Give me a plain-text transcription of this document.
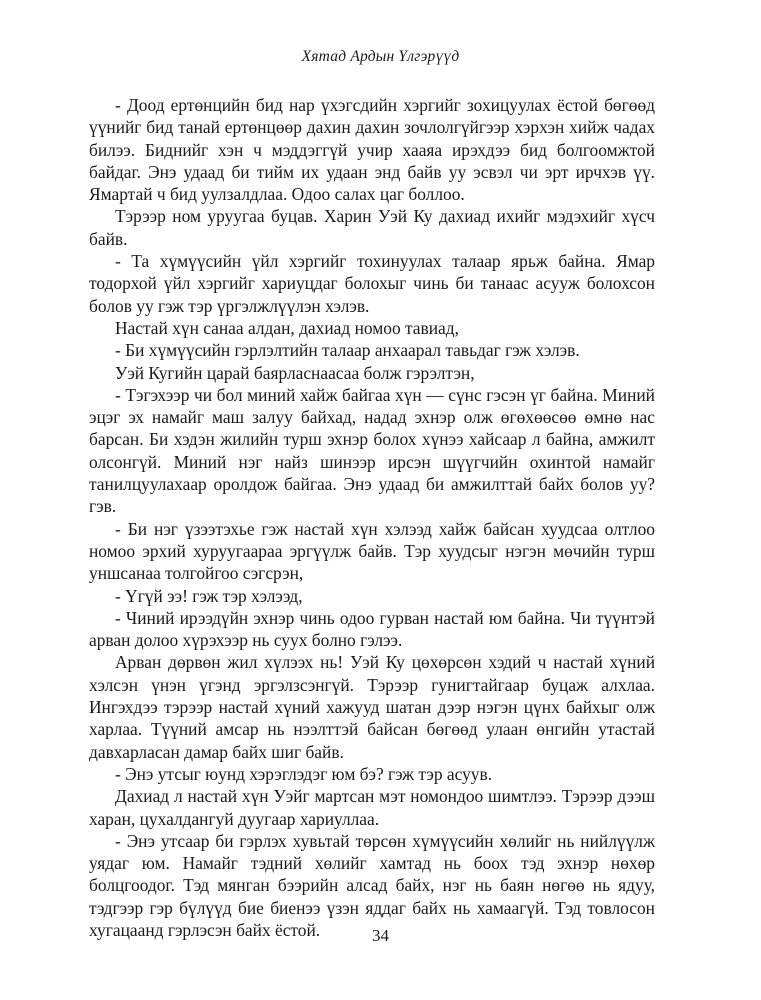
Хятад Ардын Үлгэрүүд

- Доод ертөнцийн бид нар үхэгсдийн хэргийг зохицуулах ёстой бөгөөд үүнийг бид танай ертөнцөөр дахин дахин зочлолгүйгээр хэрхэн хийж чадах билээ. Биднийг хэн ч мэддэггүй учир хааяа ирэхдээ бид болгоомжтой байдаг. Энэ удаад би тийм их удаан энд байв уу эсвэл чи эрт ирчхэв үү. Ямартай ч бид уулзалдлаа. Одоо салах цаг боллоо.

Тэрээр ном уруугаа буцав. Харин Уэй Ку дахиад ихийг мэдэхийг хүсч байв.

- Та хүмүүсийн үйл хэргийг тохинуулах талаар ярьж байна. Ямар тодорхой үйл хэргийг хариуцдаг болохыг чинь би танаас асууж болохсон болов уу гэж тэр үргэлжлүүлэн хэлэв.

Настай хүн санаа алдан, дахиад номоо тавиад,

- Би хүмүүсийн гэрлэлтийн талаар анхаарал тавьдаг гэж хэлэв.

Уэй Кугийн царай баярласнаасаа болж гэрэлтэн,

- Тэгэхээр чи бол миний хайж байгаа хүн — сүнс гэсэн үг байна. Миний эцэг эх намайг маш залуу байхад, надад эхнэр олж өгөхөөсөө өмнө нас барсан. Би хэдэн жилийн турш эхнэр болох хүнээ хайсаар л байна, амжилт олсонгүй. Миний нэг найз шинээр ирсэн шүүгчийн охинтой намайг танилцуулахаар оролдож байгаа. Энэ удаад би амжилттай байх болов уу? гэв.

- Би нэг үзээтэхье гэж настай хүн хэлээд хайж байсан хуудсаа олтлоо номоо эрхий хуруугаараа эргүүлж байв. Тэр хуудсыг нэгэн мөчийн турш уншсанаа толгойгоо сэгсрэн,

- Үгүй ээ! гэж тэр хэлээд,

- Чиний ирээдүйн эхнэр чинь одоо гурван настай юм байна. Чи түүнтэй арван долоо хүрэхээр нь суух болно гэлээ.

Арван дөрвөн жил хүлээх нь! Уэй Ку цөхөрсөн хэдий ч настай хүний хэлсэн үнэн үгэнд эргэлзсэнгүй. Тэрээр гунигтайгаар буцаж алхлаа. Ингэхдээ тэрээр настай хүний хажууд шатан дээр нэгэн цүнх байхыг олж харлаа. Түүний амсар нь нээлттэй байсан бөгөөд улаан өнгийн утастай давхарласан дамар байх шиг байв.

- Энэ утсыг юунд хэрэглэдэг юм бэ? гэж тэр асуув.

Дахиад л настай хүн Уэйг мартсан мэт номондоо шимтлээ. Тэрээр дээш харан, цухалдангуй дуугаар хариуллаа.

- Энэ утсаар би гэрлэх хувьтай төрсөн хүмүүсийн хөлийг нь нийлүүлж уядаг юм. Намайг тэдний хөлийг хамтад нь боох тэд эхнэр нөхөр болцгоодог. Тэд мянган бээрийн алсад байх, нэг нь баян нөгөө нь ядуу, тэдгээр гэр бүлүүд бие биенээ үзэн яддаг байх нь хамаагүй. Тэд товлосон хугацаанд гэрлэсэн байх ёстой.	34
